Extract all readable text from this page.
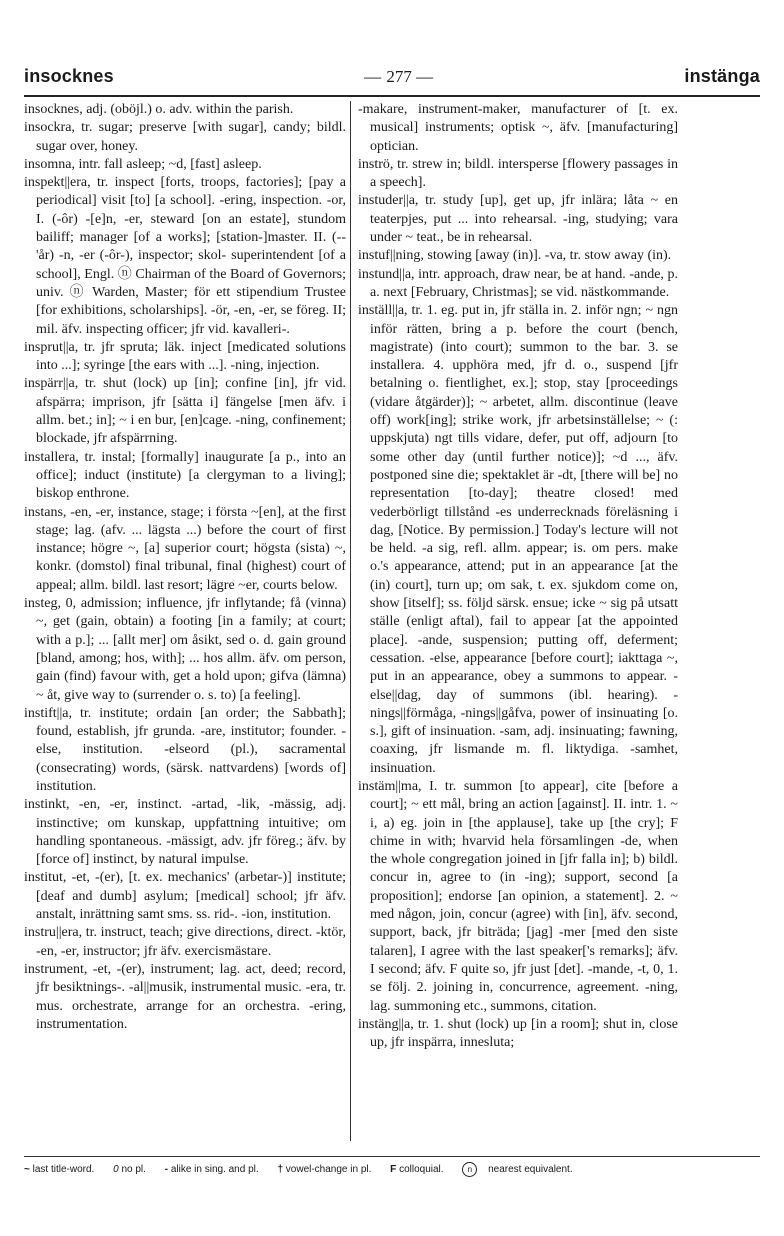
insocknes	— 277 —	instänga

insocknes, adj. (oböjl.) o. adv. within the parish.

insockra, tr. sugar; preserve [with sugar], candy; bildl. sugar over, honey.

insomna, intr. fall asleep; ~d, [fast] asleep.

inspekt||era, tr. inspect [forts, troops, factories]; [pay a periodical] visit [to] [a school]. -ering, inspection. -or, I. (-ôr) -[e]n, -er, steward [on an estate], stundom bailiff; manager [of a works]; [station-]master. II. (--'år) -n, -er (-ôr-), inspector; skol- superintendent [of a school], Engl. ⓝ Chairman of the Board of Governors; univ. ⓝ Warden, Master; för ett stipendium Trustee [for exhibitions, scholarships]. -ör, -en, -er, se föreg. II; mil. äfv. inspecting officer; jfr vid. kavalleri-.

insprut||a, tr. jfr spruta; läk. inject [medicated solutions into ...]; syringe [the ears with ...]. -ning, injection.

inspärr||a, tr. shut (lock) up [in]; confine [in], jfr vid. afspärra; imprison, jfr [sätta i] fängelse [men äfv. i allm. bet.; in]; ~ i en bur, [en]cage. -ning, confinement; blockade, jfr afspärrning.

installera, tr. instal; [formally] inaugurate [a p., into an office]; induct (institute) [a clergyman to a living]; biskop enthrone.

instans, -en, -er, instance, stage; i första ~[en], at the first stage; lag. (afv. ... lägsta ...) before the court of first instance; högre ~, [a] superior court; högsta (sista) ~, konkr. (domstol) final tribunal, final (highest) court of appeal; allm. bildl. last resort; lägre ~er, courts below.

insteg, 0, admission; influence, jfr inflytande; få (vinna) ~, get (gain, obtain) a footing [in a family; at court; with a p.]; ... [allt mer] om åsikt, sed o. d. gain ground [bland, among; hos, with]; ... hos allm. äfv. om person, gain (find) favour with, get a hold upon; gifva (lämna) ~ åt, give way to (surrender o. s. to) [a feeling].

instift||a, tr. institute; ordain [an order; the Sabbath]; found, establish, jfr grunda. -are, institutor; founder. -else, institution. -elseord (pl.), sacramental (consecrating) words, (särsk. nattvardens) [words of] institution.

instinkt, -en, -er, instinct. -artad, -lik, -mässig, adj. instinctive; om kunskap, uppfattning intuitive; om handling spontaneous. -mässigt, adv. jfr föreg.; äfv. by [force of] instinct, by natural impulse.

institut, -et, -(er), [t. ex. mechanics' (arbetar-)] institute; [deaf and dumb] asylum; [medical] school; jfr äfv. anstalt, inrättning samt sms. ss. rid-. -ion, institution.

instru||era, tr. instruct, teach; give directions, direct. -ktör, -en, -er, instructor; jfr äfv. exercismästare.

instrument, -et, -(er), instrument; lag. act, deed; record, jfr besiktnings-. -al||musik, instrumental music. -era, tr. mus. orchestrate, arrange for an orchestra. -ering, instrumentation.

-makare, instrument-maker, manufacturer of [t. ex. musical] instruments; optisk ~, äfv. [manufacturing] optician.

inströ, tr. strew in; bildl. intersperse [flowery passages in a speech].

instuder||a, tr. study [up], get up, jfr inlära; låta ~ en teaterpjes, put ... into rehearsal. -ing, studying; vara under ~ teat., be in rehearsal.

instuf||ning, stowing [away (in)]. -va, tr. stow away (in).

instund||a, intr. approach, draw near, be at hand. -ande, p. a. next [February, Christmas]; se vid. nästkommande.

inställ||a, tr. 1. eg. put in, jfr ställa in. 2. inför ngn; ~ ngn inför rätten, bring a p. before the court (bench, magistrate) (into court); summon to the bar. 3. se installera. 4. upphöra med, jfr d. o., suspend [jfr betalning o. fientlighet, ex.]; stop, stay [proceedings (vidare åtgärder)]; ~ arbetet, allm. discontinue (leave off) work[ing]; strike work, jfr arbetsinställelse; ~ (: uppskjuta) ngt tills vidare, defer, put off, adjourn [to some other day (until further notice)]; ~d ..., äfv. postponed sine die; spektaklet är -dt, [there will be] no representation [to-day]; theatre closed! med vederbörligt tillstånd -es underrecknads föreläsning i dag, [Notice. By permission.] Today's lecture will not be held. -a sig, refl. allm. appear; is. om pers. make o.'s appearance, attend; put in an appearance [at the (in) court], turn up; om sak, t. ex. sjukdom come on, show [itself]; ss. följd särsk. ensue; icke ~ sig på utsatt ställe (enligt aftal), fail to appear [at the appointed place]. -ande, suspension; putting off, deferment; cessation. -else, appearance [before court]; iakttaga ~, put in an appearance, obey a summons to appear. -else||dag, day of summons (ibl. hearing). -nings||förmåga, -nings||gåfva, power of insinuating [o. s.], gift of insinuation. -sam, adj. insinuating; fawning, coaxing, jfr lismande m. fl. liktydiga. -samhet, insinuation.

instäm||ma, I. tr. summon [to appear], cite [before a court]; ~ ett mål, bring an action [against]. II. intr. 1. ~ i, a) eg. join in [the applause], take up [the cry]; F chime in with; hvarvid hela församlingen -de, when the whole congregation joined in [jfr falla in]; b) bildl. concur in, agree to (in -ing); support, second [a proposition]; endorse [an opinion, a statement]. 2. ~ med någon, join, concur (agree) with [in], äfv. second, support, back, jfr biträda; [jag] -mer [med den siste talaren], I agree with the last speaker['s remarks]; äfv. I second; äfv. F quite so, jfr just [det]. -mande, -t, 0, 1. se följ. 2. joining in, concurrence, agreement. -ning, lag. summoning etc., summons, citation.

instäng||a, tr. 1. shut (lock) up [in a room]; shut in, close up, jfr inspärra, innesluta;

~ last title-word. 0 no pl. - alike in sing. and pl. † vowel-change in pl. F colloquial.	n nearest equivalent.
